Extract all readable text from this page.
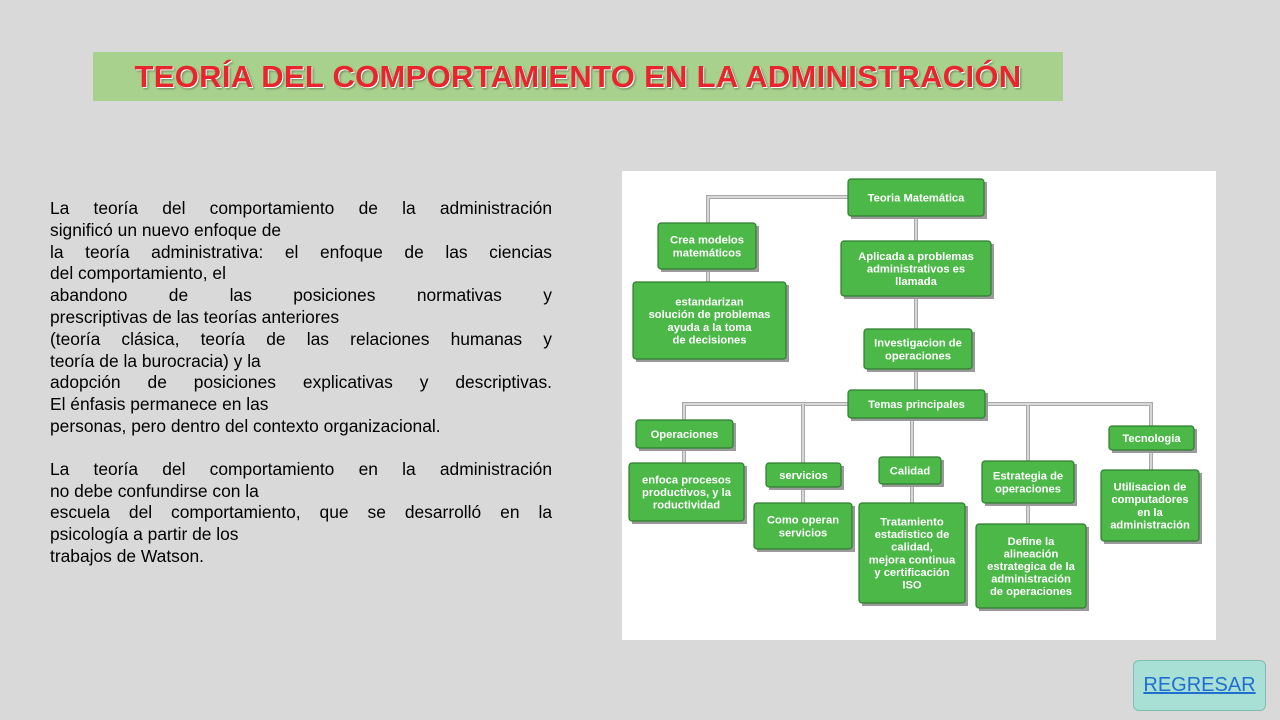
TEORÍA DEL COMPORTAMIENTO EN LA ADMINISTRACIÓN
La teoría del comportamiento de la administración
significó un nuevo enfoque de
la teoría administrativa: el enfoque de las ciencias
del comportamiento, el
abandono de las posiciones normativas y
prescriptivas de las teorías anteriores
(teoría clásica, teoría de las relaciones humanas y
teoría de la burocracia) y la
adopción de posiciones explicativas y descriptivas.
El énfasis permanece en las
personas, pero dentro del contexto organizacional.
La teoría del comportamiento en la administración
no debe confundirse con la
escuela del comportamiento, que se desarrolló en la
psicología a partir de los
trabajos de Watson.
Teoria Matemática
Crea modelos
matemáticos	Aplicada a problemas
administrativos es
llamada
estandarizan
solución de problemas
ayuda a la toma
de decisiones	Investigacion de
operaciones
Temas principales
Operaciones
enfoca procesos
productivos, y la
roductividad
servicios
Como operan
servicios
Calidad
Tratamiento
estadistico de
calidad,
mejora continua
y certificación
ISO
Estrategia de
operaciones
Define la
alineación
estrategica de la
administración
de operaciones
Tecnologia
Utilisacion de
computadores
en la
administración
REGRESAR
